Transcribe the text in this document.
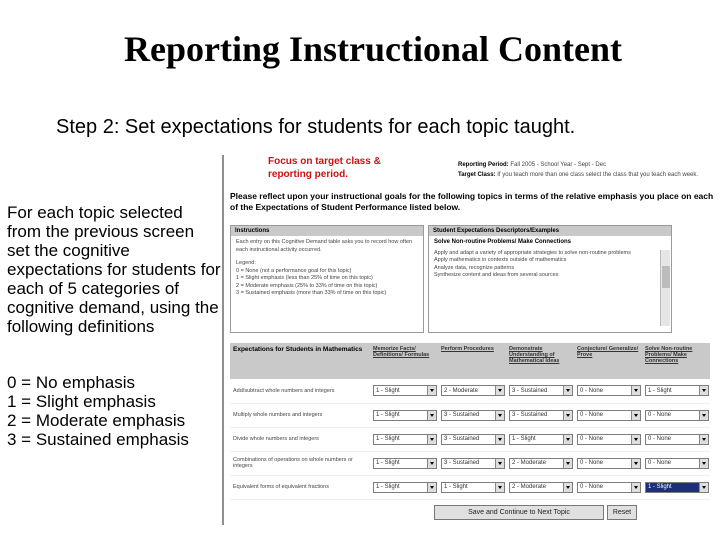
Reporting Instructional Content
Step 2: Set expectations for students for each topic taught.
For each topic selected from the previous screen set the cognitive expectations for students for each of 5 categories of cognitive demand, using the following definitions
0 = No emphasis
1 = Slight emphasis
2 = Moderate emphasis
3 = Sustained emphasis
Focus on target class & reporting period.
Reporting Period: Fall 2005 - School Year - Sept - Dec
Target Class: If you teach more than one class select the class that you teach each week.
Please reflect upon your instructional goals for the following topics in terms of the relative emphasis you place on each of the Expectations of Student Performance listed below.
Instructions
Each entry on this Cognitive Demand table asks you to record how often each instructional activity occurred.
Legend:
0 = None (not a performance goal for this topic)
1 = Slight emphasis (less than 25% of time on this topic)
2 = Moderate emphasis (25% to 33% of time on this topic)
3 = Sustained emphasis (more than 33% of time on this topic)
Student Expectations Descriptors/Examples
Solve Non-routine Problems/ Make Connections
Apply and adapt a variety of appropriate strategies to solve non-routine problems
Apply mathematics in contexts outside of mathematics
Analyze data, recognize patterns
Synthesize content and ideas from several sources
Expectations for Students in Mathematics	Memorize Facts/ Definitions/ Formulas	Perform Procedures	Demonstrate Understanding of Mathematical Ideas	Conjecture/ Generalize/ Prove	Solve Non-routine Problems/ Make Connections
Add/subtract whole numbers and integers	1 - Slight	2 - Moderate	3 - Sustained	0 - None	1 - Slight

Multiply whole numbers and integers	1 - Slight	3 - Sustained	3 - Sustained	0 - None	0 - None

Divide whole numbers and integers	1 - Slight	3 - Sustained	1 - Slight	0 - None	0 - None

Combinations of operations on whole numbers or integers	1 - Slight	3 - Sustained	2 - Moderate	0 - None	0 - None

Equivalent forms of equivalent fractions	1 - Slight	1 - Slight	2 - Moderate	0 - None	1 - Slight
Save and Continue to Next Topic	Reset
